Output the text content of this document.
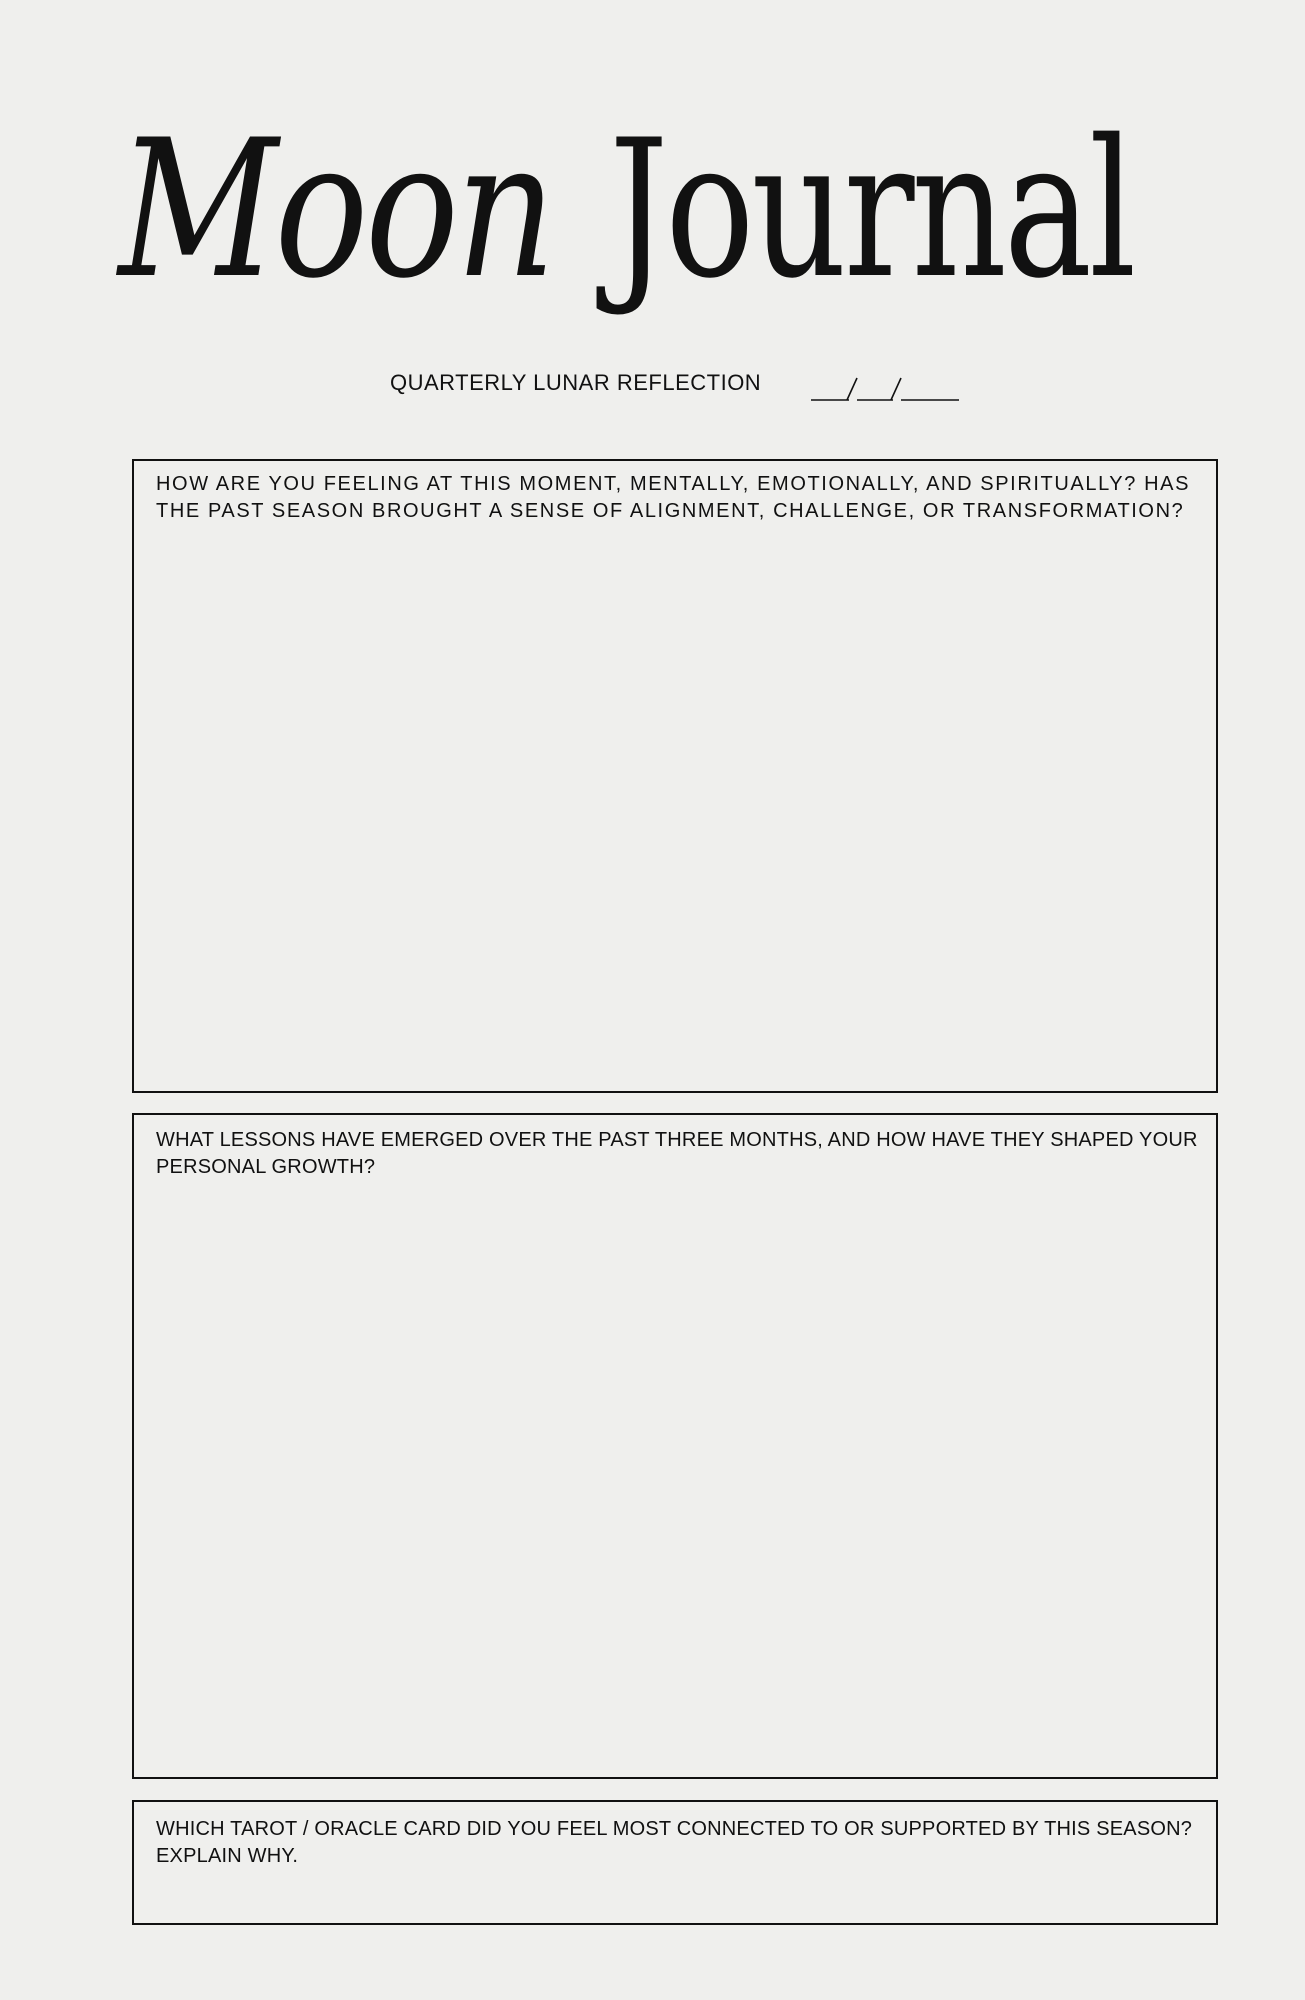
Moon Journal
QUARTERLY LUNAR REFLECTION
HOW ARE YOU FEELING AT THIS MOMENT, MENTALLY, EMOTIONALLY, AND SPIRITUALLY? HAS THE PAST SEASON BROUGHT A SENSE OF ALIGNMENT, CHALLENGE, OR TRANSFORMATION?
WHAT LESSONS HAVE EMERGED OVER THE PAST THREE MONTHS, AND HOW HAVE THEY SHAPED YOUR PERSONAL GROWTH?
WHICH TAROT / ORACLE CARD DID YOU FEEL MOST CONNECTED TO OR SUPPORTED BY THIS SEASON? EXPLAIN WHY.
